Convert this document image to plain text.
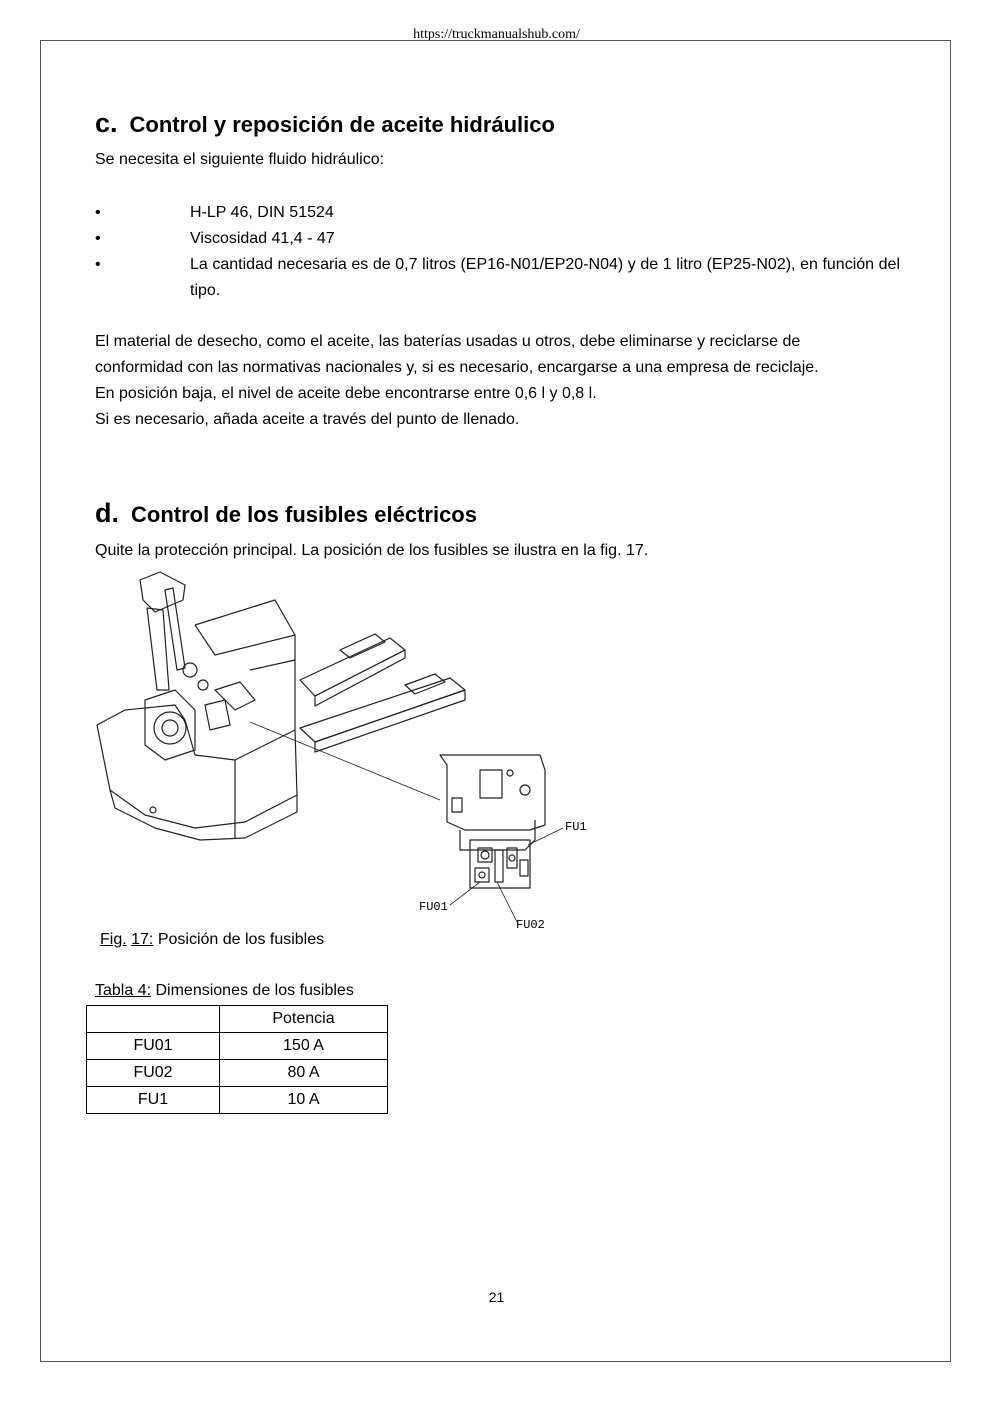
https://truckmanualshub.com/
c. Control y reposición de aceite hidráulico
Se necesita el siguiente fluido hidráulico:
•	H-LP 46, DIN 51524
•	Viscosidad 41,4 - 47
•	La cantidad necesaria es de 0,7 litros (EP16-N01/EP20-N04) y de 1 litro (EP25-N02), en función del tipo.
El material de desecho, como el aceite, las baterías usadas u otros, debe eliminarse y reciclarse de
conformidad con las normativas nacionales y, si es necesario, encargarse a una empresa de reciclaje.
En posición baja, el nivel de aceite debe encontrarse entre 0,6 l y 0,8 l.
Si es necesario, añada aceite a través del punto de llenado.
d. Control de los fusibles eléctricos
Quite la protección principal. La posición de los fusibles se ilustra en la fig. 17.
FU1
FU01
FU02
Fig. 17: Posición de los fusibles
Tabla 4: Dimensiones de los fusibles
	Potencia
FU01	150 A
FU02	80 A
FU1	10 A
21
